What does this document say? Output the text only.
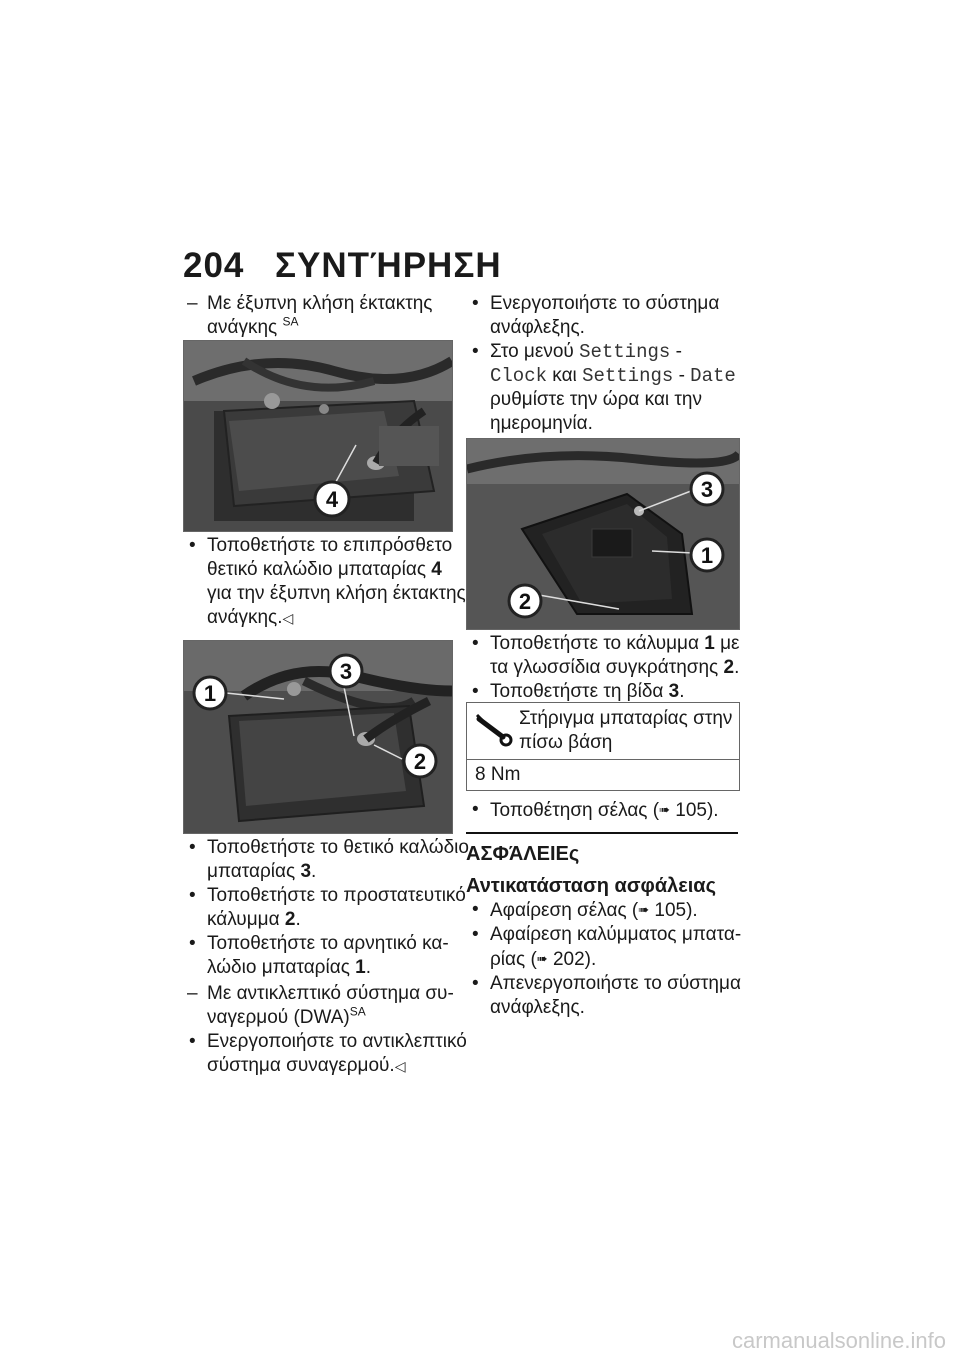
204 ΣΥΝΤΉΡΗΣΗ
– Με έξυπνη κλήση έκτακτης
ανάγκης $^{SA}$
4
• Τοποθετήστε το επιπρόσθετο
θετικό καλώδιο μπαταρίας 4
για την έξυπνη κλήση έκτακτης
ανάγκης.◁
1
3
2
• Τοποθετήστε το θετικό καλώδιο
μπαταρίας 3.
• Τοποθετήστε το προστατευτικό
κάλυμμα 2.
• Τοποθετήστε το αρνητικό κα-
λώδιο μπαταρίας 1.
– Με αντικλεπτικό σύστημα συ-
ναγερμού (DWA)$^{SA}$
• Ενεργοποιήστε το αντικλεπτικό
σύστημα συναγερμού.◁
• Ενεργοποιήστε το σύστημα
ανάφλεξης.
• Στο μενού Settings -
Clock και Settings - Date
ρυθμίστε την ώρα και την
ημερομηνία.
3
1
2
• Τοποθετήστε το κάλυμμα 1 με
τα γλωσσίδια συγκράτησης 2.
• Τοποθετήστε τη βίδα 3.
Στήριγμα μπαταρίας στην
πίσω βάση
8 Nm
• Τοποθέτηση σέλας (➠ 105).
ΑΣΦΆΛΕΙΕς
Αντικατάσταση ασφάλειας
• Αφαίρεση σέλας (➠ 105).
• Αφαίρεση καλύμματος μπατα-
ρίας (➠ 202).
• Απενεργοποιήστε το σύστημα
ανάφλεξης.
carmanualsonline.info
